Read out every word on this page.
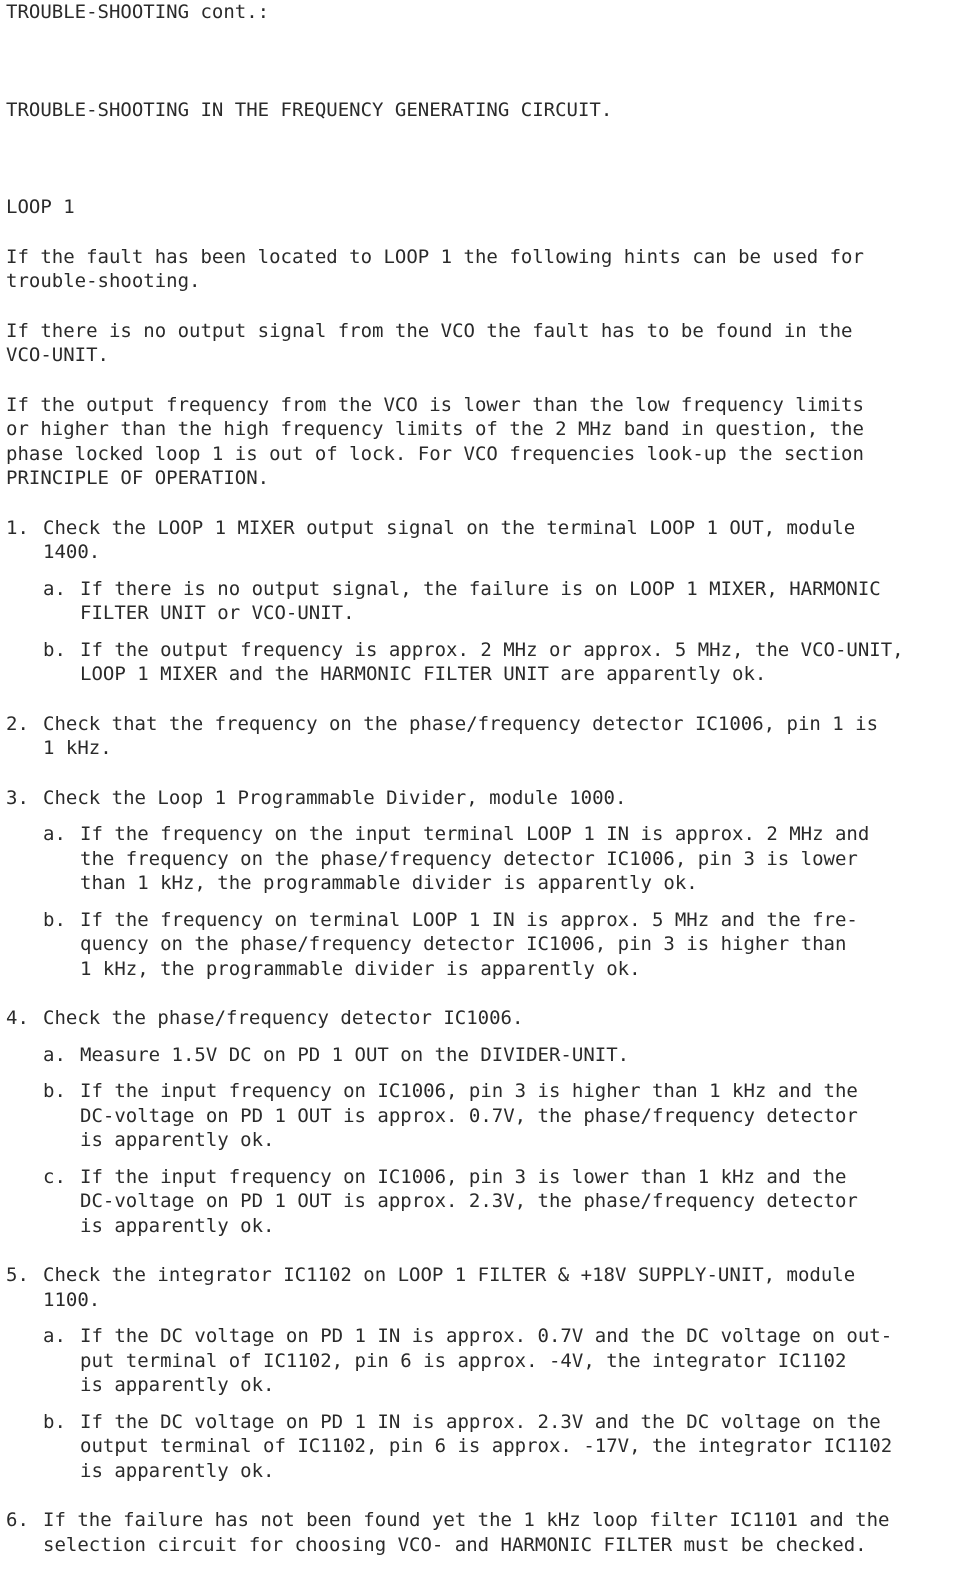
TROUBLE-SHOOTING cont.:
TROUBLE-SHOOTING IN THE FREQUENCY GENERATING CIRCUIT.
LOOP 1
If the fault has been located to LOOP 1 the following hints can be used for
trouble-shooting.
If there is no output signal from the VCO the fault has to be found in the
VCO-UNIT.
If the output frequency from the VCO is lower than the low frequency limits
or higher than the high frequency limits of the 2 MHz band in question, the
phase locked loop 1 is out of lock. For VCO frequencies look-up the section
PRINCIPLE OF OPERATION.
1. Check the LOOP 1 MIXER output signal on the terminal LOOP 1 OUT, module
1400.
a. If there is no output signal, the failure is on LOOP 1 MIXER, HARMONIC
FILTER UNIT or VCO-UNIT.
b. If the output frequency is approx. 2 MHz or approx. 5 MHz, the VCO-UNIT,
LOOP 1 MIXER and the HARMONIC FILTER UNIT are apparently ok.
2. Check that the frequency on the phase/frequency detector IC1006, pin 1 is
1 kHz.
3. Check the Loop 1 Programmable Divider, module 1000.
a. If the frequency on the input terminal LOOP 1 IN is approx. 2 MHz and
the frequency on the phase/frequency detector IC1006, pin 3 is lower
than 1 kHz, the programmable divider is apparently ok.
b. If the frequency on terminal LOOP 1 IN is approx. 5 MHz and the fre-
quency on the phase/frequency detector IC1006, pin 3 is higher than
1 kHz, the programmable divider is apparently ok.
4. Check the phase/frequency detector IC1006.
a. Measure 1.5V DC on PD 1 OUT on the DIVIDER-UNIT.
b. If the input frequency on IC1006, pin 3 is higher than 1 kHz and the
DC-voltage on PD 1 OUT is approx. 0.7V, the phase/frequency detector
is apparently ok.
c. If the input frequency on IC1006, pin 3 is lower than 1 kHz and the
DC-voltage on PD 1 OUT is approx. 2.3V, the phase/frequency detector
is apparently ok.
5. Check the integrator IC1102 on LOOP 1 FILTER & +18V SUPPLY-UNIT, module
1100.
a. If the DC voltage on PD 1 IN is approx. 0.7V and the DC voltage on out-
put terminal of IC1102, pin 6 is approx. -4V, the integrator IC1102
is apparently ok.
b. If the DC voltage on PD 1 IN is approx. 2.3V and the DC voltage on the
output terminal of IC1102, pin 6 is approx. -17V, the integrator IC1102
is apparently ok.
6. If the failure has not been found yet the 1 kHz loop filter IC1101 and the
selection circuit for choosing VCO- and HARMONIC FILTER must be checked.
